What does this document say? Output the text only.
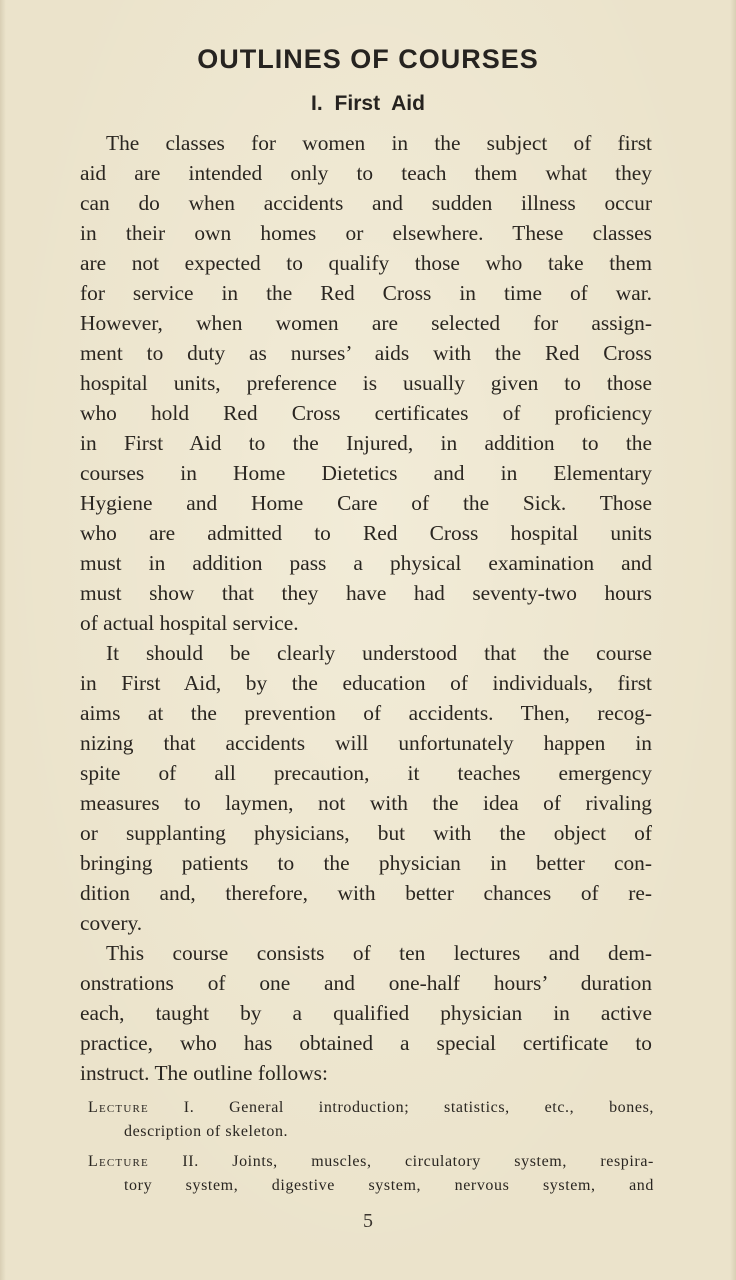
OUTLINES OF COURSES
I. First Aid
The classes for women in the subject of first
aid are intended only to teach them what they
can do when accidents and sudden illness occur
in their own homes or elsewhere. These classes
are not expected to qualify those who take them
for service in the Red Cross in time of war.
However, when women are selected for assign-
ment to duty as nurses’ aids with the Red Cross
hospital units, preference is usually given to those
who hold Red Cross certificates of proficiency
in First Aid to the Injured, in addition to the
courses in Home Dietetics and in Elementary
Hygiene and Home Care of the Sick. Those
who are admitted to Red Cross hospital units
must in addition pass a physical examination and
must show that they have had seventy-two hours
of actual hospital service.
It should be clearly understood that the course
in First Aid, by the education of individuals, first
aims at the prevention of accidents. Then, recog-
nizing that accidents will unfortunately happen in
spite of all precaution, it teaches emergency
measures to laymen, not with the idea of rivaling
or supplanting physicians, but with the object of
bringing patients to the physician in better con-
dition and, therefore, with better chances of re-
covery.
This course consists of ten lectures and dem-
onstrations of one and one-half hours’ duration
each, taught by a qualified physician in active
practice, who has obtained a special certificate to
instruct. The outline follows:
Lecture I. General introduction; statistics, etc., bones,
description of skeleton.
Lecture II. Joints, muscles, circulatory system, respira-
tory system, digestive system, nervous system, and
5
